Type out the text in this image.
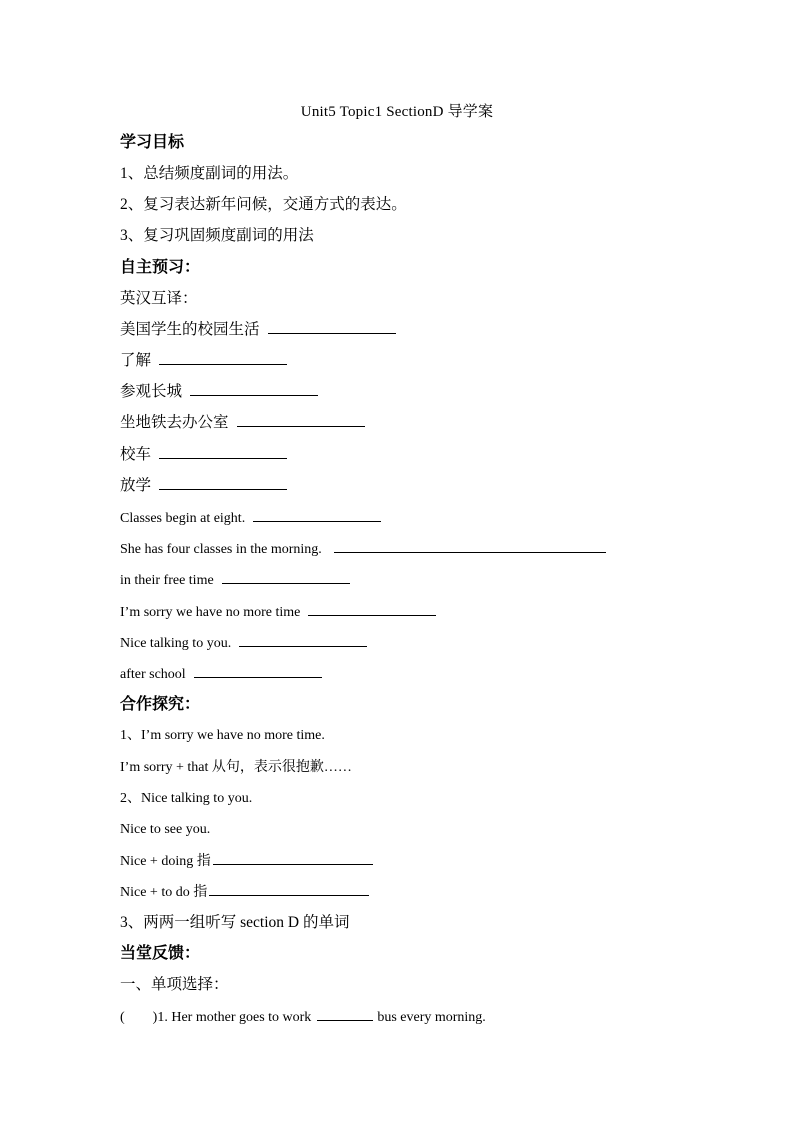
Unit5 Topic1 SectionD 导学案
学习目标
1、总结频度副词的用法。
2、复习表达新年问候，交通方式的表达。
3、复习巩固频度副词的用法
自主预习：
英汉互译：
美国学生的校园生活
了解
参观长城
坐地铁去办公室
校车
放学
Classes begin at eight.
She has four classes in the morning.
in their free time
I’m sorry we have no more time
Nice talking to you.
after school
合作探究：
1、I’m sorry we have no more time.
I’m sorry + that 从句，表示很抱歉……
2、Nice talking to you.
Nice to see you.
Nice + doing 指
Nice + to do 指
3、两两一组听写 section D 的单词
当堂反馈：
一、单项选择：
( )1. Her mother goes to work	bus every morning.
